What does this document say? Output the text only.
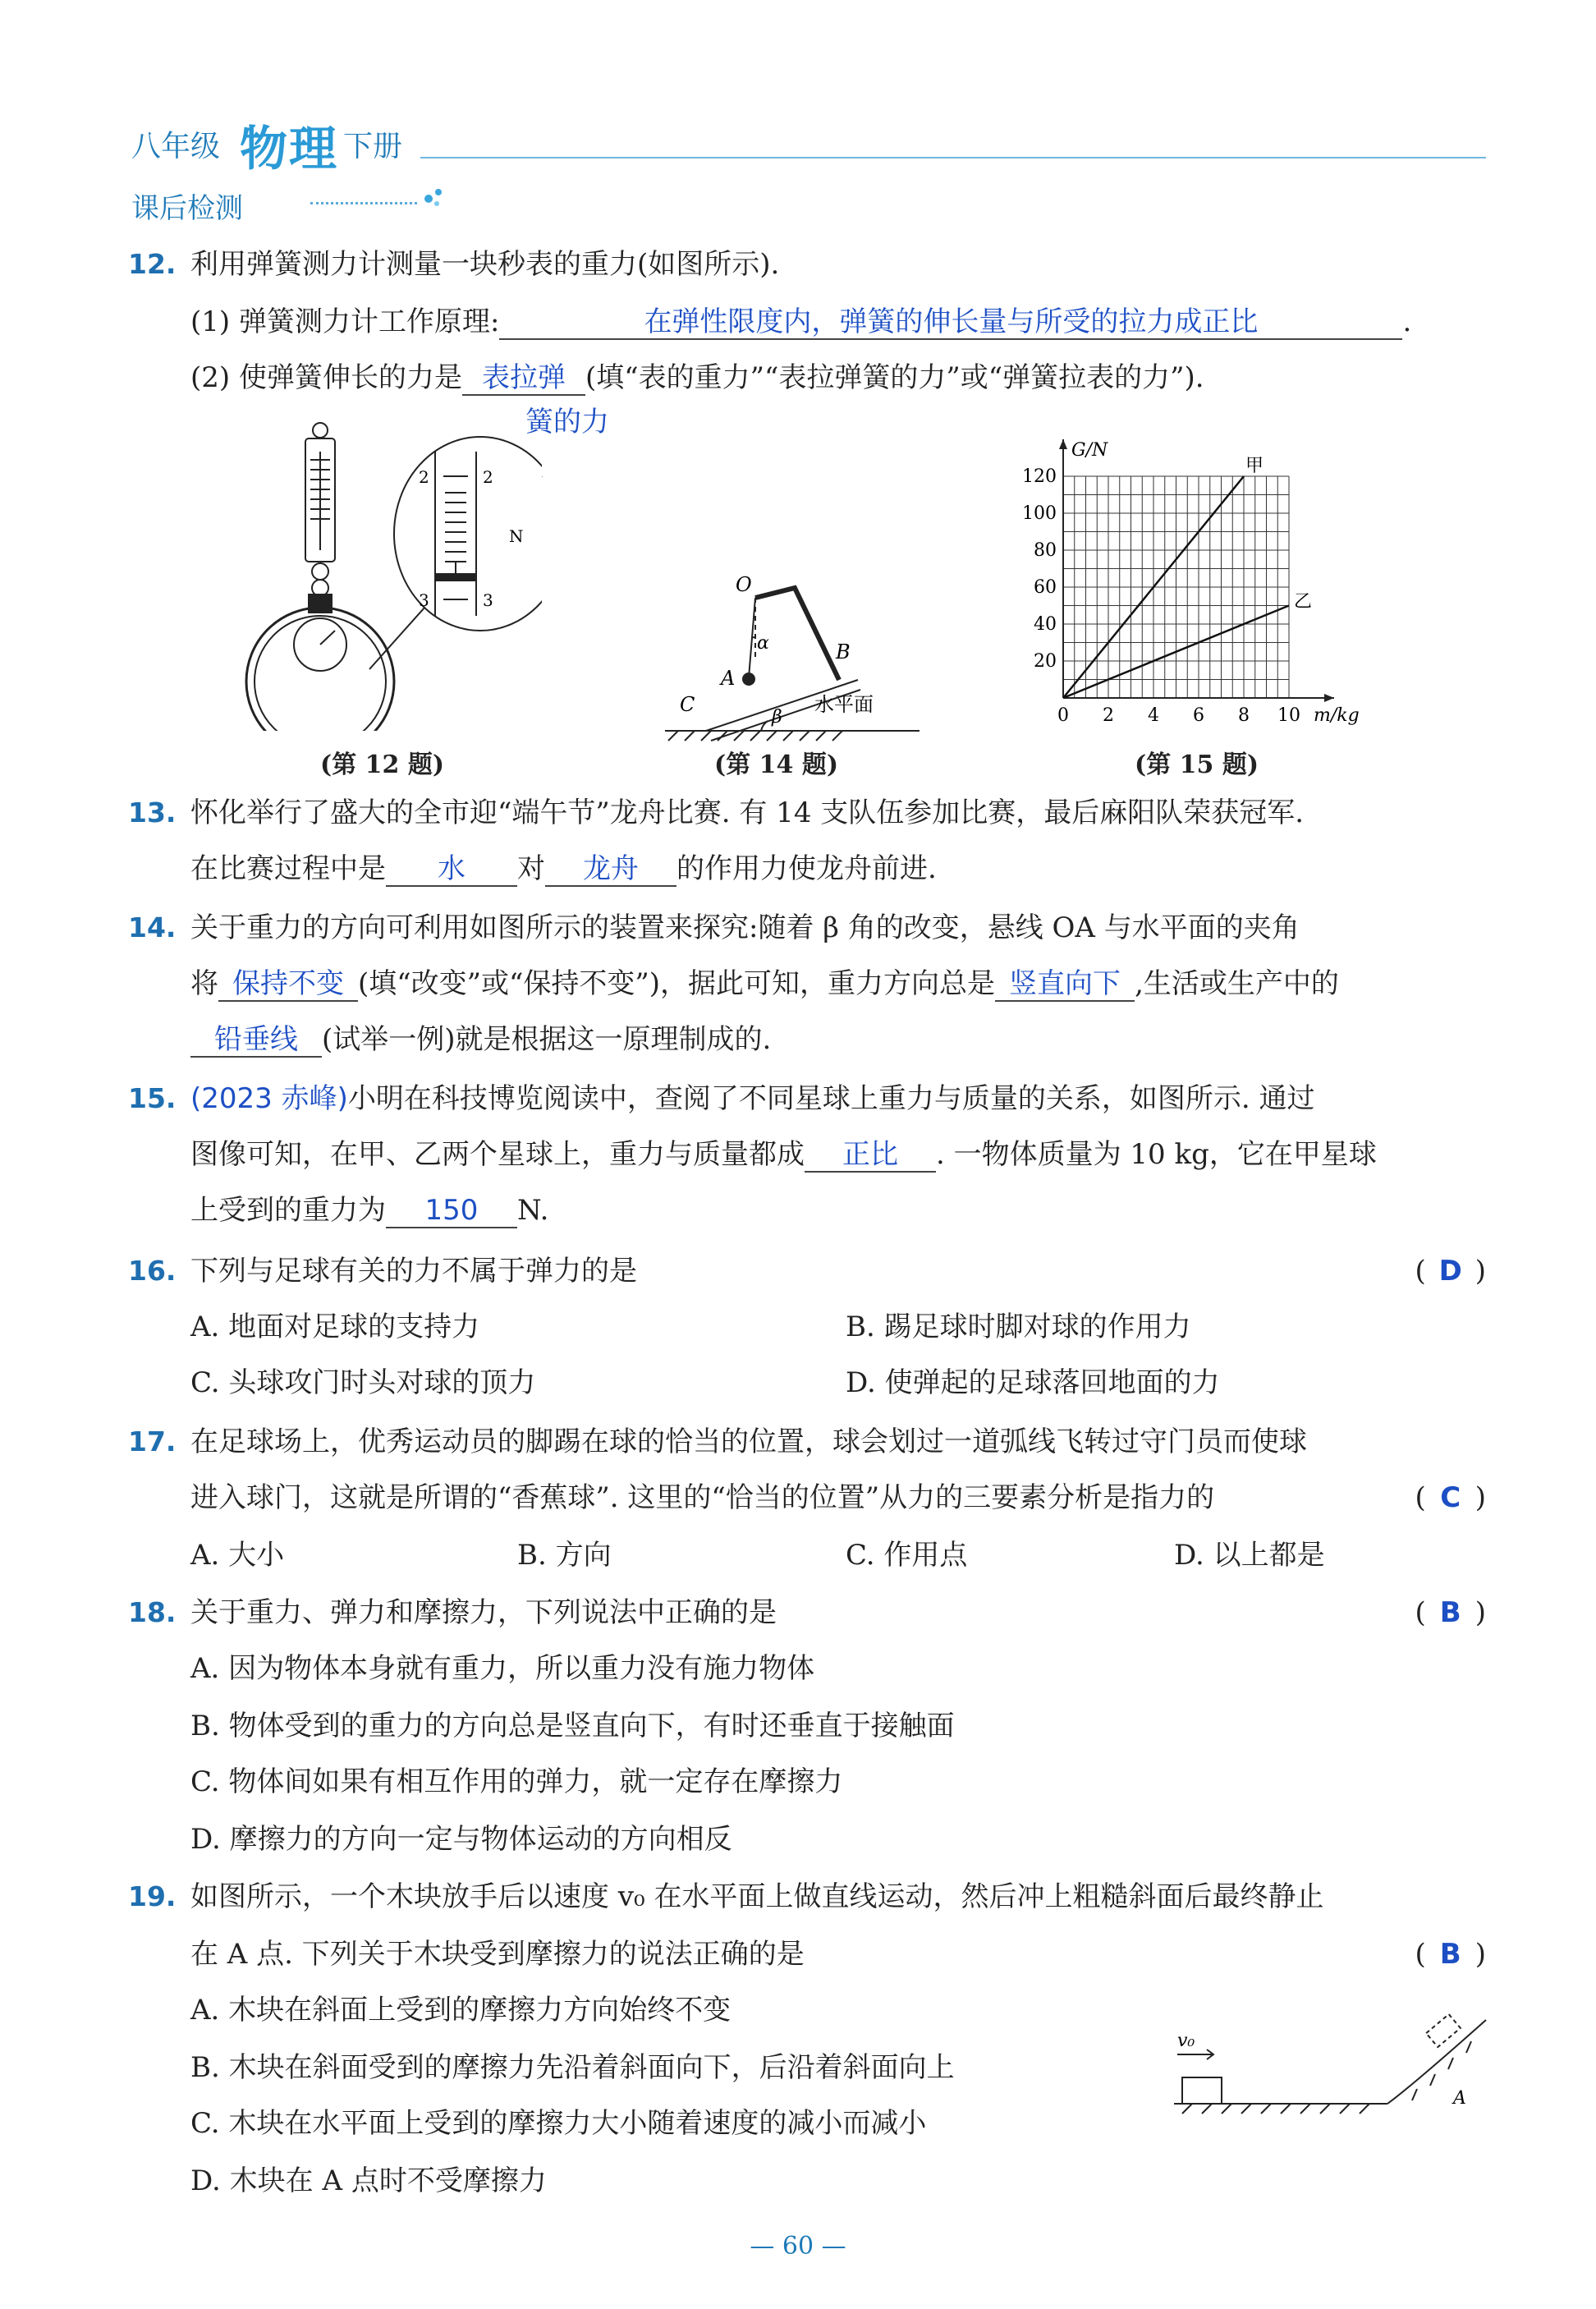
八年级 物理 下册
课后检测
12. 利用弹簧测力计测量一块秒表的重力(如图所示).
(1) 弹簧测力计工作原理:	在弹性限度内，弹簧的伸长量与所受的拉力成正比	.
(2) 使弹簧伸长的力是 表拉弹 (填“表的重力”“表拉弹簧的力”或“弹簧拉表的力”).
簧的力
2	2
3	3
N
(第 12 题)
O
A
B
C
α
β
水平面
(第 14 题)
0 2 4 6 8 10
20
40
60
80
100
120
m/kg
G/N
甲
乙
(第 15 题)
13. 怀化举行了盛大的全市迎“端午节”龙舟比赛. 有 14 支队伍参加比赛，最后麻阳队荣获冠军.
在比赛过程中是 水 对 龙舟 的作用力使龙舟前进.
14. 关于重力的方向可利用如图所示的装置来探究:随着 β 角的改变，悬线 OA 与水平面的夹角
将 保持不变 (填“改变”或“保持不变”)，据此可知，重力方向总是 竖直向下 ,生活或生产中的
铅垂线 (试举一例)就是根据这一原理制成的.
15. (2023 赤峰)小明在科技博览阅读中，查阅了不同星球上重力与质量的关系，如图所示. 通过
图像可知，在甲、乙两个星球上，重力与质量都成 正比 . 一物体质量为 10 kg，它在甲星球
上受到的重力为 150 N.
16. 下列与足球有关的力不属于弹力的是	( D )
A. 地面对足球的支持力	B. 踢足球时脚对球的作用力
C. 头球攻门时头对球的顶力	D. 使弹起的足球落回地面的力
17. 在足球场上，优秀运动员的脚踢在球的恰当的位置，球会划过一道弧线飞转过守门员而使球
进入球门，这就是所谓的“香蕉球”. 这里的“恰当的位置”从力的三要素分析是指力的	( C )
A. 大小	B. 方向	C. 作用点	D. 以上都是
18. 关于重力、弹力和摩擦力，下列说法中正确的是	( B )
A. 因为物体本身就有重力，所以重力没有施力物体
B. 物体受到的重力的方向总是竖直向下，有时还垂直于接触面
C. 物体间如果有相互作用的弹力，就一定存在摩擦力
D. 摩擦力的方向一定与物体运动的方向相反
19. 如图所示，一个木块放手后以速度 v₀ 在水平面上做直线运动，然后冲上粗糙斜面后最终静止
在 A 点. 下列关于木块受到摩擦力的说法正确的是	( B )
A. 木块在斜面上受到的摩擦力方向始终不变
B. 木块在斜面受到的摩擦力先沿着斜面向下，后沿着斜面向上
C. 木块在水平面上受到的摩擦力大小随着速度的减小而减小
D. 木块在 A 点时不受摩擦力
v₀
A
— 60 —
